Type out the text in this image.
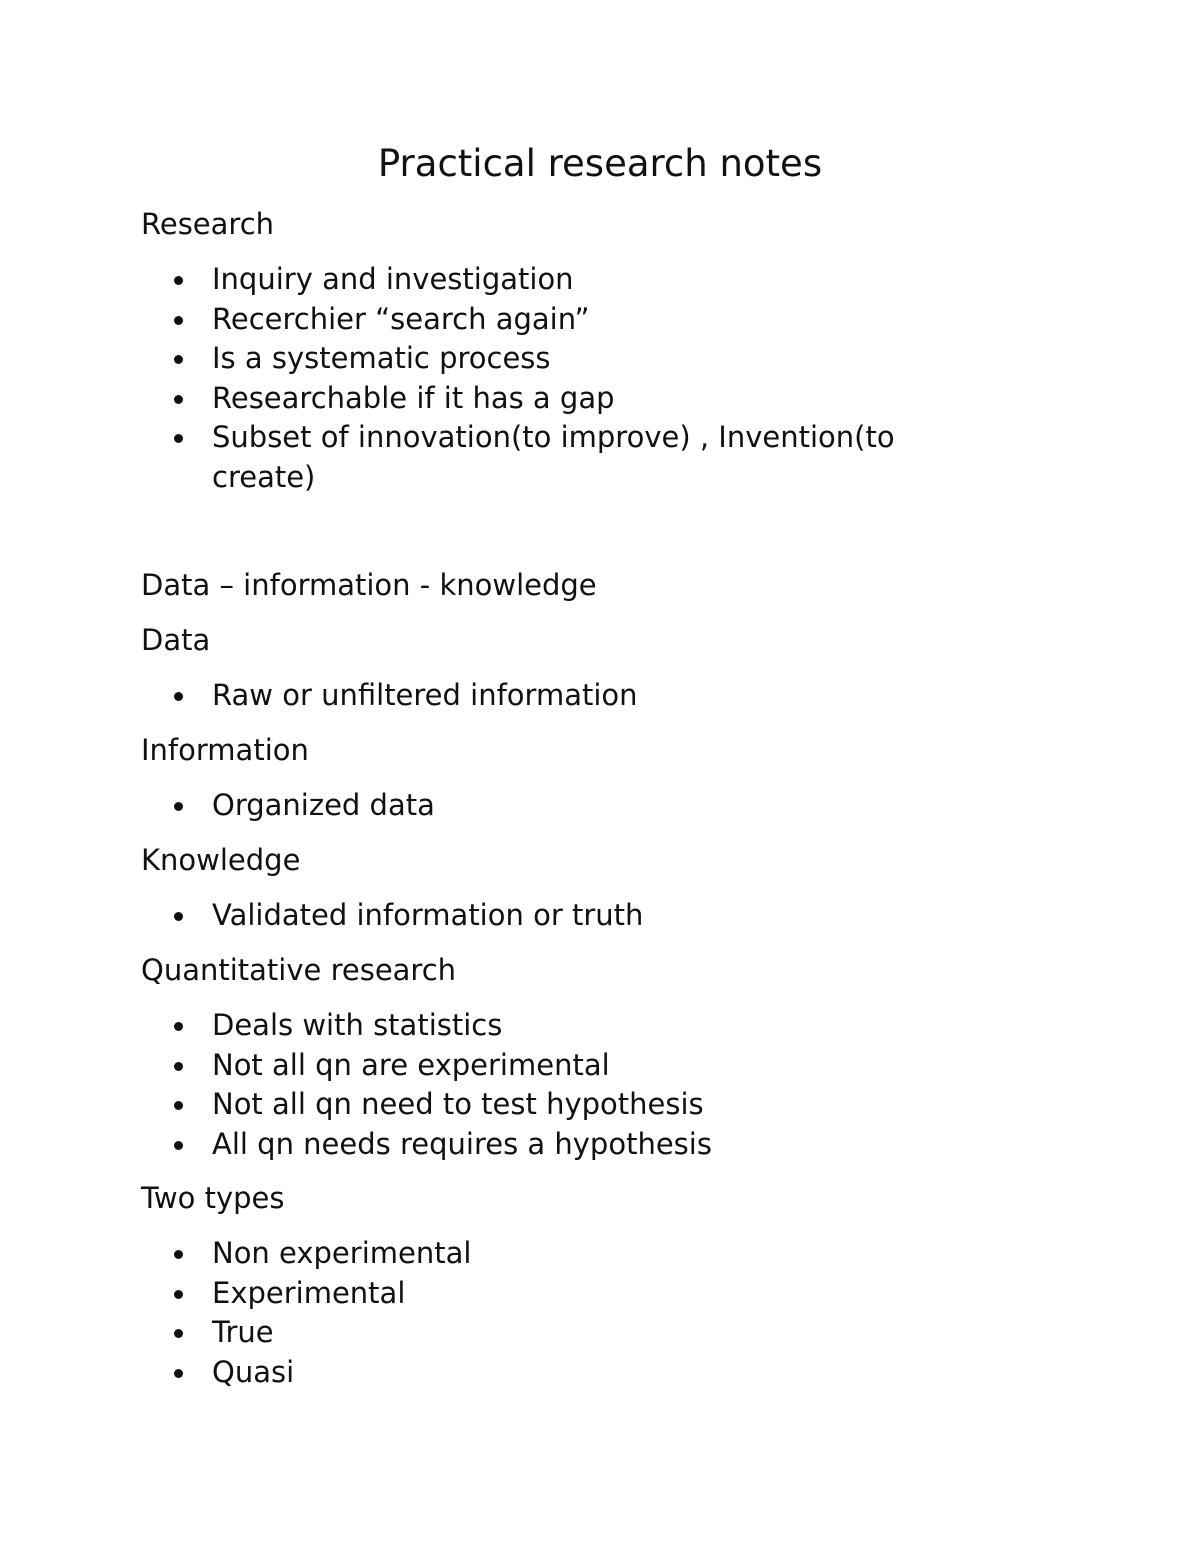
Practical research notes

Research

Inquiry and investigation
Recerchier “search again”
Is a systematic process
Researchable if it has a gap
Subset of innovation(to improve) , Invention(to create)

Data – information - knowledge

Data

Raw or unfiltered information

Information

Organized data

Knowledge

Validated information or truth

Quantitative research

Deals with statistics
Not all qn are experimental
Not all qn need to test hypothesis
All qn needs requires a hypothesis

Two types

Non experimental
Experimental
True
Quasi
